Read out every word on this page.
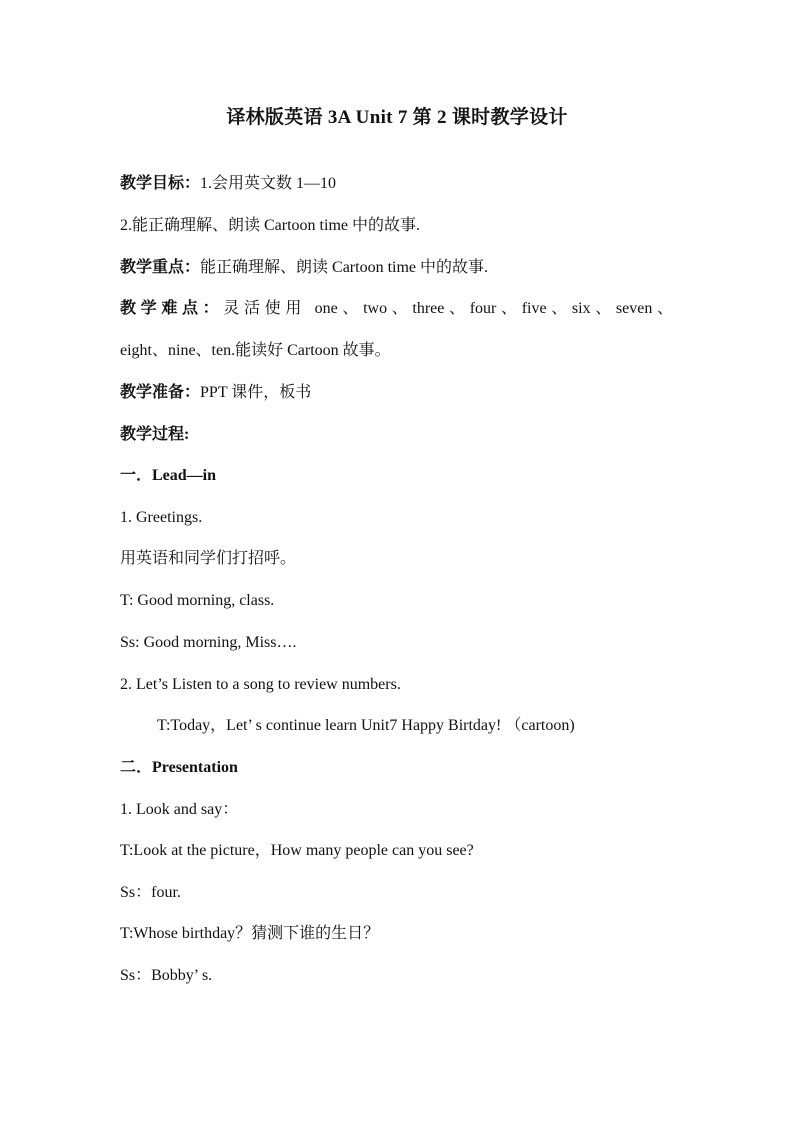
译林版英语 3A Unit 7 第 2 课时教学设计
教学目标：1.会用英文数 1—10
2.能正确理解、朗读 Cartoon time 中的故事.
教学重点：能正确理解、朗读 Cartoon time 中的故事.
教学难点：灵活使用 one、two、three、four、five、six、seven、
eight、nine、ten.能读好 Cartoon 故事。
教学准备：PPT 课件，板书
教学过程:
一．Lead—in
1. Greetings.
用英语和同学们打招呼。
T: Good morning, class.
Ss: Good morning, Miss….
2. Let’s Listen to a song to review numbers.
T:Today，Let’ s continue learn Unit7 Happy Birtday! （cartoon)
二．Presentation
1. Look and say：
T:Look at the picture，How many people can you see?
Ss：four.
T:Whose birthday？猜测下谁的生日？
Ss：Bobby’ s.
